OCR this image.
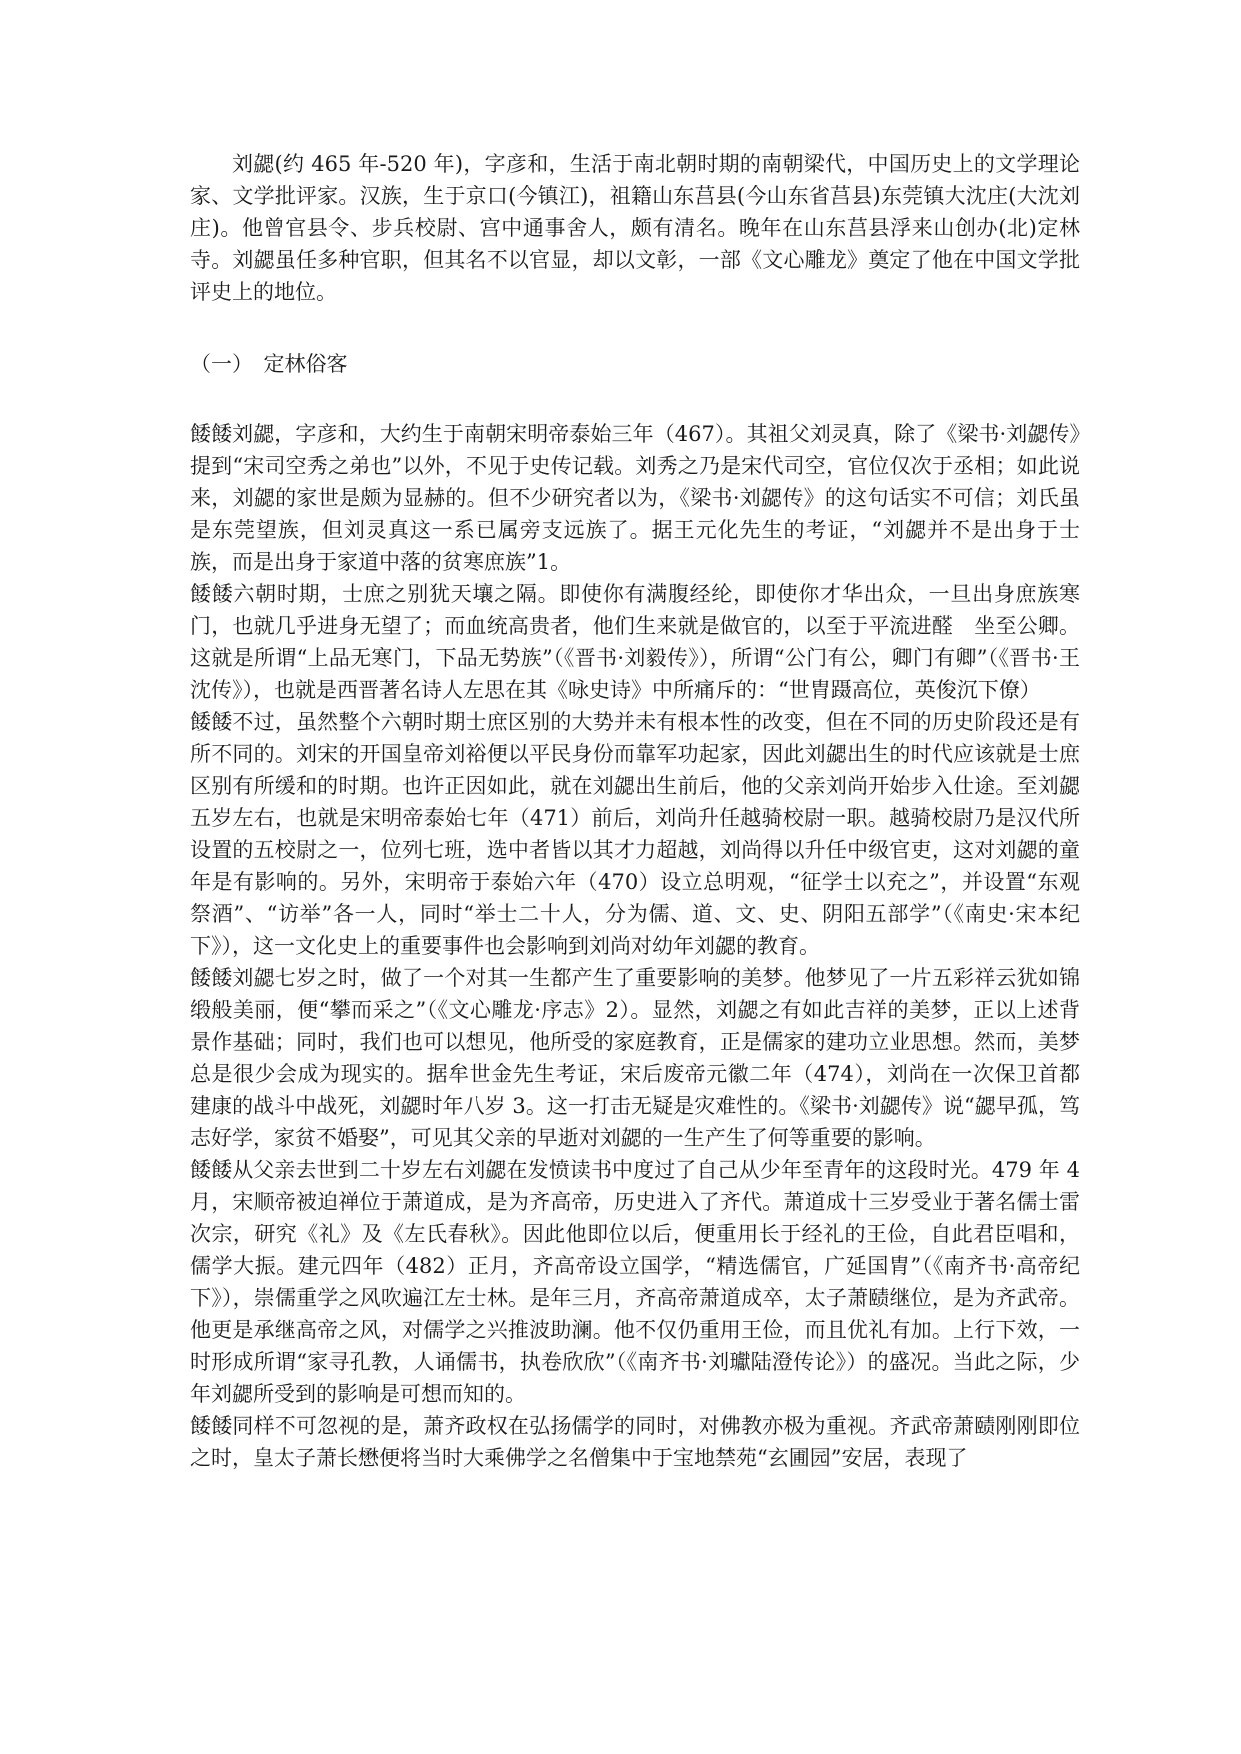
刘勰(约 465 年-520 年)，字彦和，生活于南北朝时期的南朝梁代，中国历史上的文学理论家、文学批评家。汉族，生于京口(今镇江)，祖籍山东莒县(今山东省莒县)东莞镇大沈庄(大沈刘庄)。他曾官县令、步兵校尉、宫中通事舍人，颇有清名。晚年在山东莒县浮来山创办(北)定林寺。刘勰虽任多种官职，但其名不以官显，却以文彰，一部《文心雕龙》奠定了他在中国文学批评史上的地位。

（一）　定林俗客

餧餧刘勰，字彦和，大约生于南朝宋明帝泰始三年（467）。其祖父刘灵真，除了《梁书·刘勰传》提到“宋司空秀之弟也”以外，不见于史传记载。刘秀之乃是宋代司空，官位仅次于丞相；如此说来，刘勰的家世是颇为显赫的。但不少研究者以为，《梁书·刘勰传》的这句话实不可信；刘氏虽是东莞望族，但刘灵真这一系已属旁支远族了。据王元化先生的考证，“刘勰并不是出身于士族，而是出身于家道中落的贫寒庶族”1。

餧餧六朝时期，士庶之别犹天壤之隔。即使你有满腹经纶，即使你才华出众，一旦出身庶族寒门，也就几乎进身无望了；而血统高贵者，他们生来就是做官的，以至于平流进醛　坐至公卿。这就是所谓“上品无寒门，下品无势族”（《晋书·刘毅传》），所谓“公门有公，卿门有卿”（《晋书·王沈传》），也就是西晋著名诗人左思在其《咏史诗》中所痛斥的：“世胄蹑高位，英俊沉下僚）

餧餧不过，虽然整个六朝时期士庶区别的大势并未有根本性的改变，但在不同的历史阶段还是有所不同的。刘宋的开国皇帝刘裕便以平民身份而靠军功起家，因此刘勰出生的时代应该就是士庶区别有所缓和的时期。也许正因如此，就在刘勰出生前后，他的父亲刘尚开始步入仕途。至刘勰五岁左右，也就是宋明帝泰始七年（471）前后，刘尚升任越骑校尉一职。越骑校尉乃是汉代所设置的五校尉之一，位列七班，选中者皆以其才力超越，刘尚得以升任中级官吏，这对刘勰的童年是有影响的。另外，宋明帝于泰始六年（470）设立总明观，“征学士以充之”，并设置“东观祭酒”、“访举”各一人，同时“举士二十人，分为儒、道、文、史、阴阳五部学”（《南史·宋本纪下》），这一文化史上的重要事件也会影响到刘尚对幼年刘勰的教育。

餧餧刘勰七岁之时，做了一个对其一生都产生了重要影响的美梦。他梦见了一片五彩祥云犹如锦缎般美丽，便“攀而采之”（《文心雕龙·序志》2）。显然，刘勰之有如此吉祥的美梦，正以上述背景作基础；同时，我们也可以想见，他所受的家庭教育，正是儒家的建功立业思想。然而，美梦总是很少会成为现实的。据牟世金先生考证，宋后废帝元徽二年（474），刘尚在一次保卫首都建康的战斗中战死，刘勰时年八岁 3。这一打击无疑是灾难性的。《梁书·刘勰传》说“勰早孤，笃志好学，家贫不婚娶”，可见其父亲的早逝对刘勰的一生产生了何等重要的影响。

餧餧从父亲去世到二十岁左右刘勰在发愤读书中度过了自己从少年至青年的这段时光。479 年 4 月，宋顺帝被迫禅位于萧道成，是为齐高帝，历史进入了齐代。萧道成十三岁受业于著名儒士雷次宗，研究《礼》及《左氏春秋》。因此他即位以后，便重用长于经礼的王俭，自此君臣唱和，儒学大振。建元四年（482）正月，齐高帝设立国学，“精选儒官，广延国胄”（《南齐书·高帝纪下》），崇儒重学之风吹遍江左士林。是年三月，齐高帝萧道成卒，太子萧赜继位，是为齐武帝。他更是承继高帝之风，对儒学之兴推波助澜。他不仅仍重用王俭，而且优礼有加。上行下效，一时形成所谓“家寻孔教，人诵儒书，执卷欣欣”（《南齐书·刘瓛陆澄传论》）的盛况。当此之际，少年刘勰所受到的影响是可想而知的。

餧餧同样不可忽视的是，萧齐政权在弘扬儒学的同时，对佛教亦极为重视。齐武帝萧赜刚刚即位之时，皇太子萧长懋便将当时大乘佛学之名僧集中于宝地禁苑“玄圃园”安居，表现了
